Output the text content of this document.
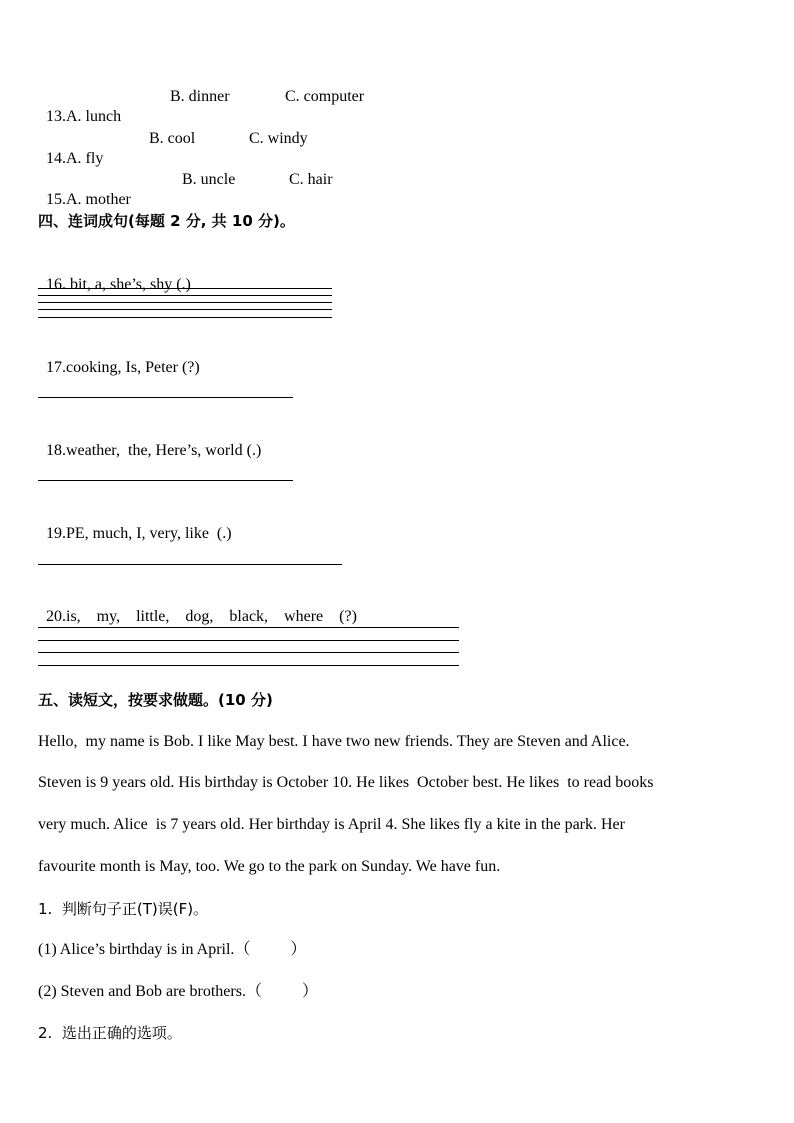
13.A. lunch

B. dinner	C. computer

14.A. fly

B. cool	C. windy

15.A. mother

B. uncle	C. hair
四、连词成句(每题 2 分, 共 10 分)。

16. bit, a, she’s, shy (.)

17.cooking, Is, Peter (?)

18.weather,  the, Here’s, world (.)

19.PE, much, I, very, like  (.)

20.is,    my,    little,    dog,    black,    where    (?)

五、读短文，按要求做题。(10 分)
Hello,  my name is Bob. I like May best. I have two new friends. They are Steven and Alice.
Steven is 9 years old. His birthday is October 10. He likes  October best. He likes  to read books
very much. Alice  is 7 years old. Her birthday is April 4. She likes fly a kite in the park. Her
favourite month is May, too. We go to the park on Sunday. We have fun.
1.  判断句子正(T)误(F)。
(1) Alice’s birthday is in April.（          ）
(2) Steven and Bob are brothers.（          ）
2.  选出正确的选项。
